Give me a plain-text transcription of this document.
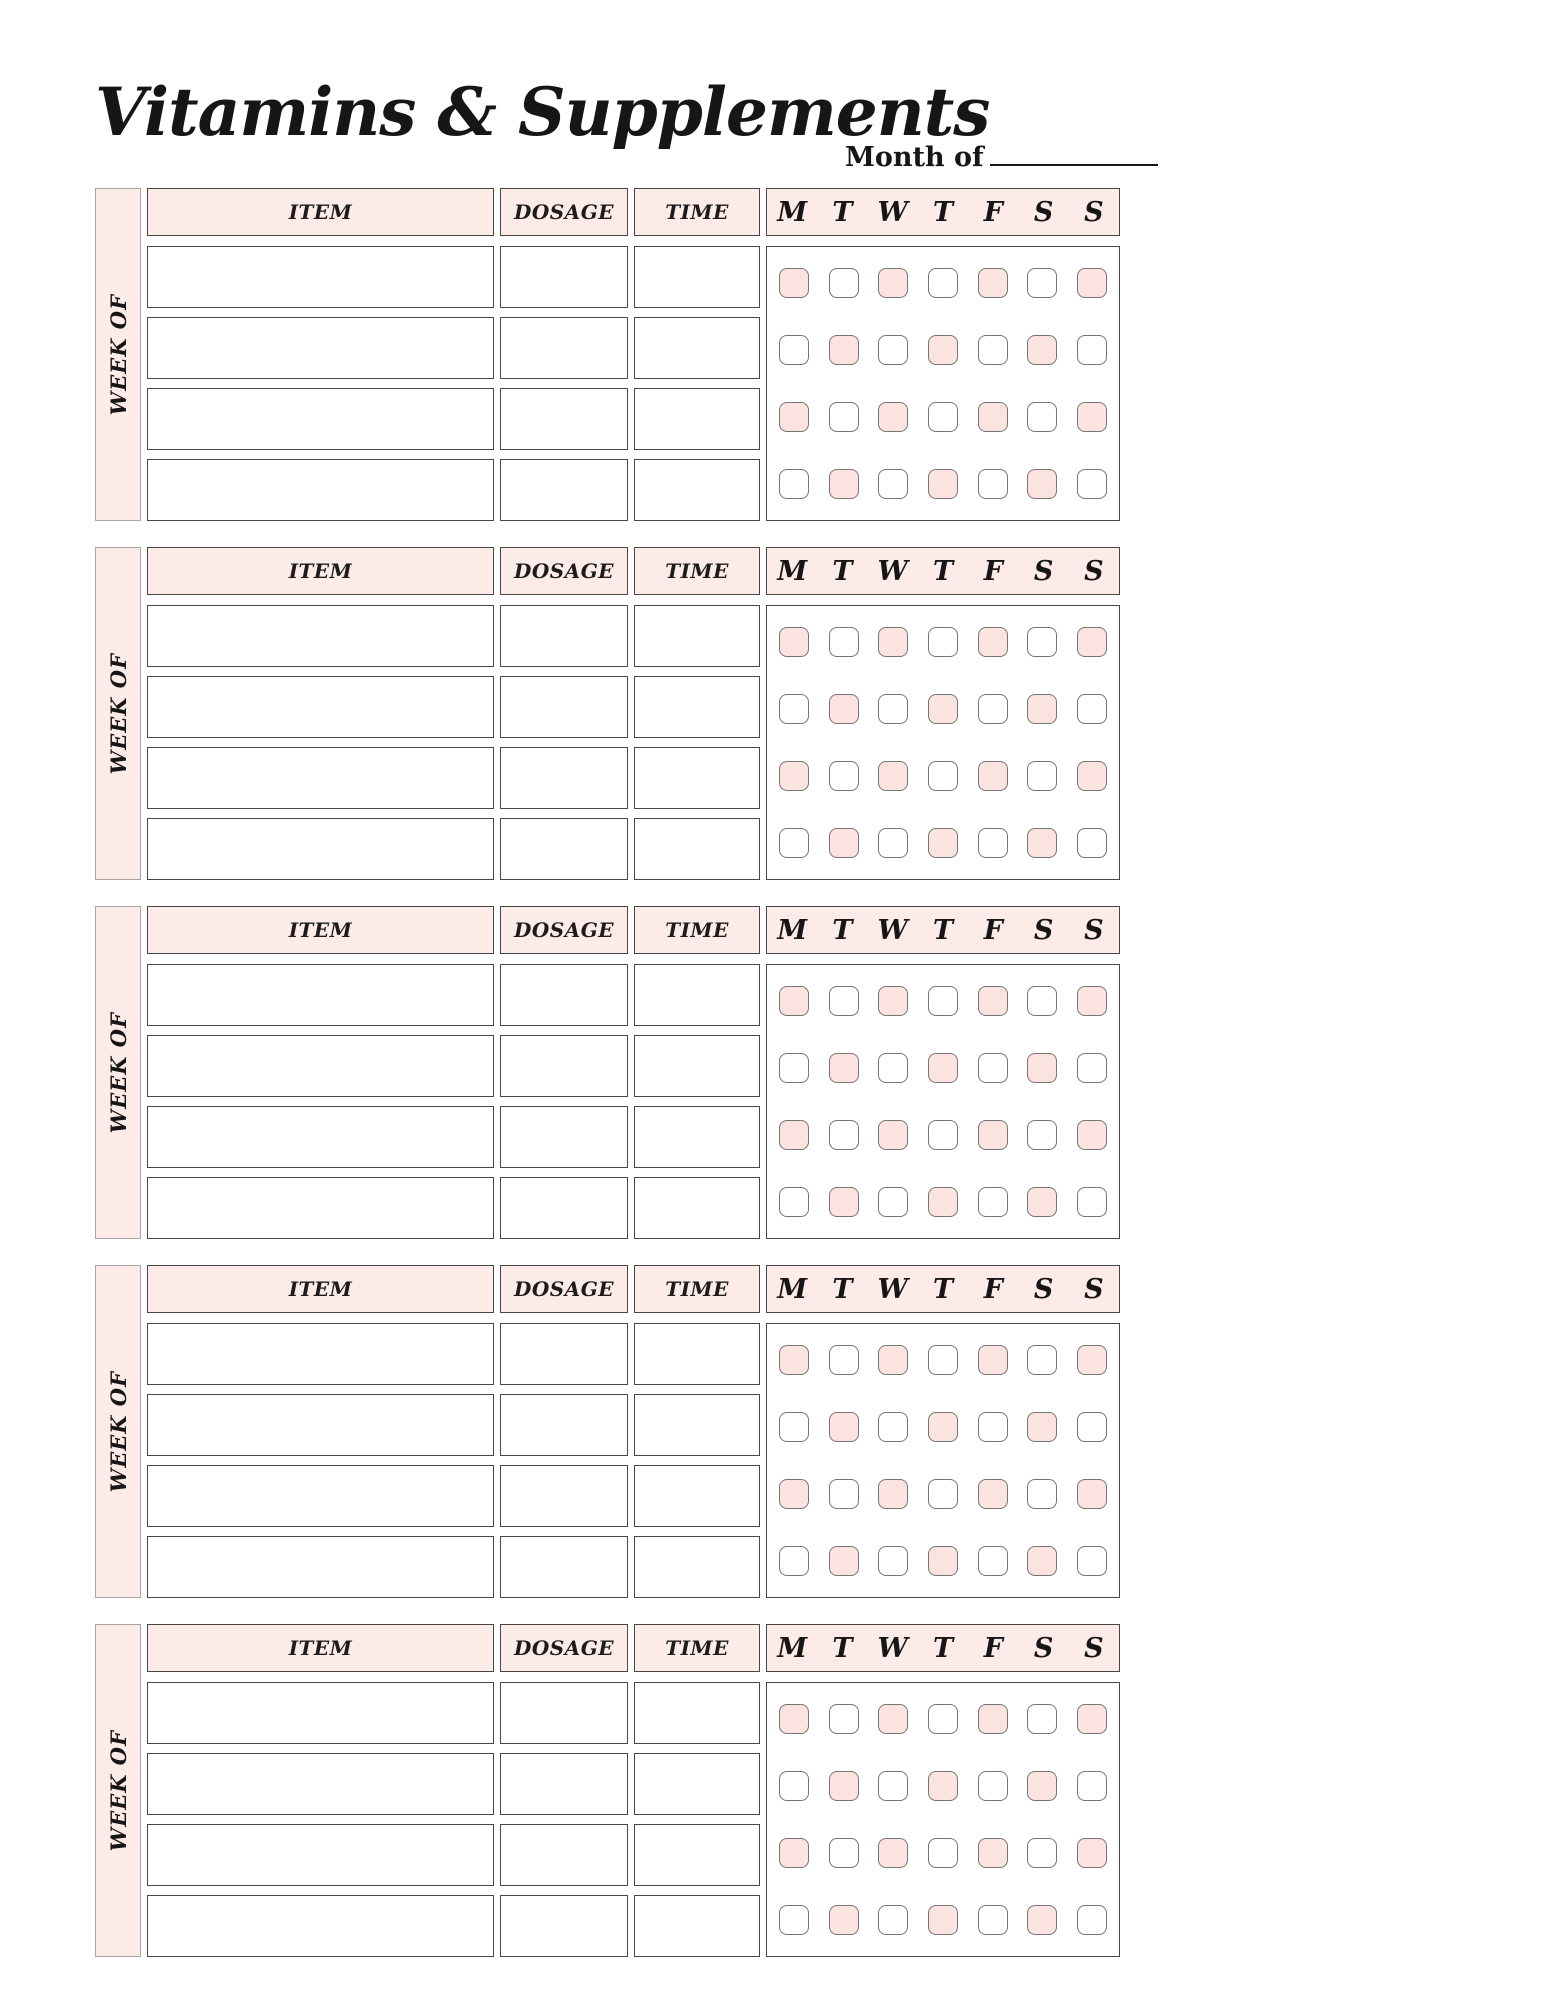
Vitamins & Supplements
Month of
WEEK OF
ITEM	DOSAGE	TIME	M T W T F S S
WEEK OF
ITEM	DOSAGE	TIME	M T W T F S S
WEEK OF
ITEM	DOSAGE	TIME	M T W T F S S
WEEK OF
ITEM	DOSAGE	TIME	M T W T F S S
WEEK OF
ITEM	DOSAGE	TIME	M T W T F S S
